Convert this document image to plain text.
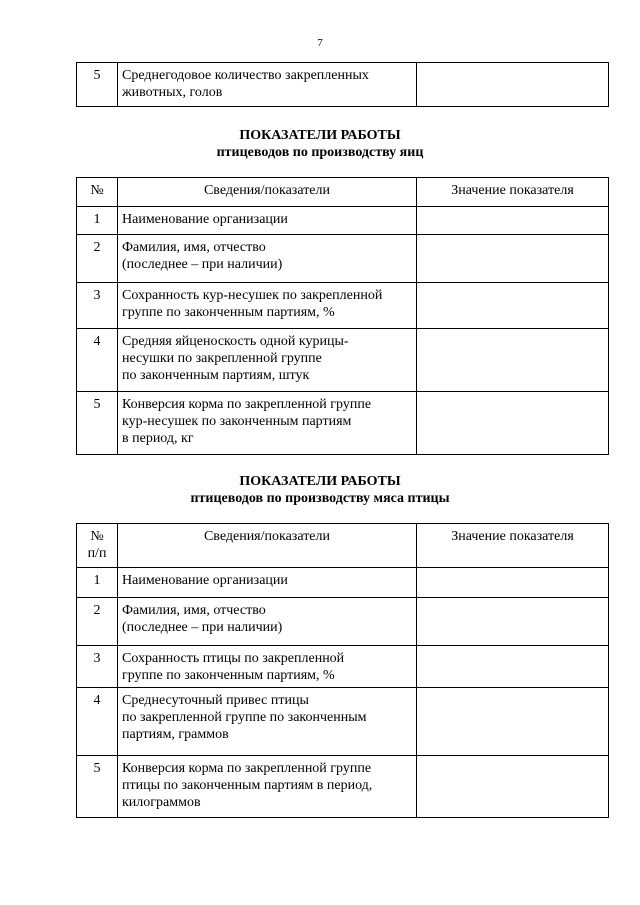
7
5	Среднегодовое количество закрепленных
животных, голов

ПОКАЗАТЕЛИ РАБОТЫ
птицеводов по производству яиц
№	Сведения/показатели	Значение показателя
1	Наименование организации	

2	Фамилия, имя, отчество
(последнее – при наличии)	

3	Сохранность кур-несушек по закрепленной
группе по законченным партиям, %	

4	Средняя яйценоскость одной курицы-
несушки по закрепленной группе
по законченным партиям, штук	

5	Конверсия корма по закрепленной группе
кур-несушек по законченным партиям
в период, кг	

ПОКАЗАТЕЛИ РАБОТЫ
птицеводов по производству мяса птицы
№
п/п	Сведения/показатели	Значение показателя
1	Наименование организации	

2	Фамилия, имя, отчество
(последнее – при наличии)	

3	Сохранность птицы по закрепленной
группе по законченным партиям, %	

4	Среднесуточный привес птицы
по закрепленной группе по законченным
партиям, граммов	

5	Конверсия корма по закрепленной группе
птицы по законченным партиям в период,
килограммов	
